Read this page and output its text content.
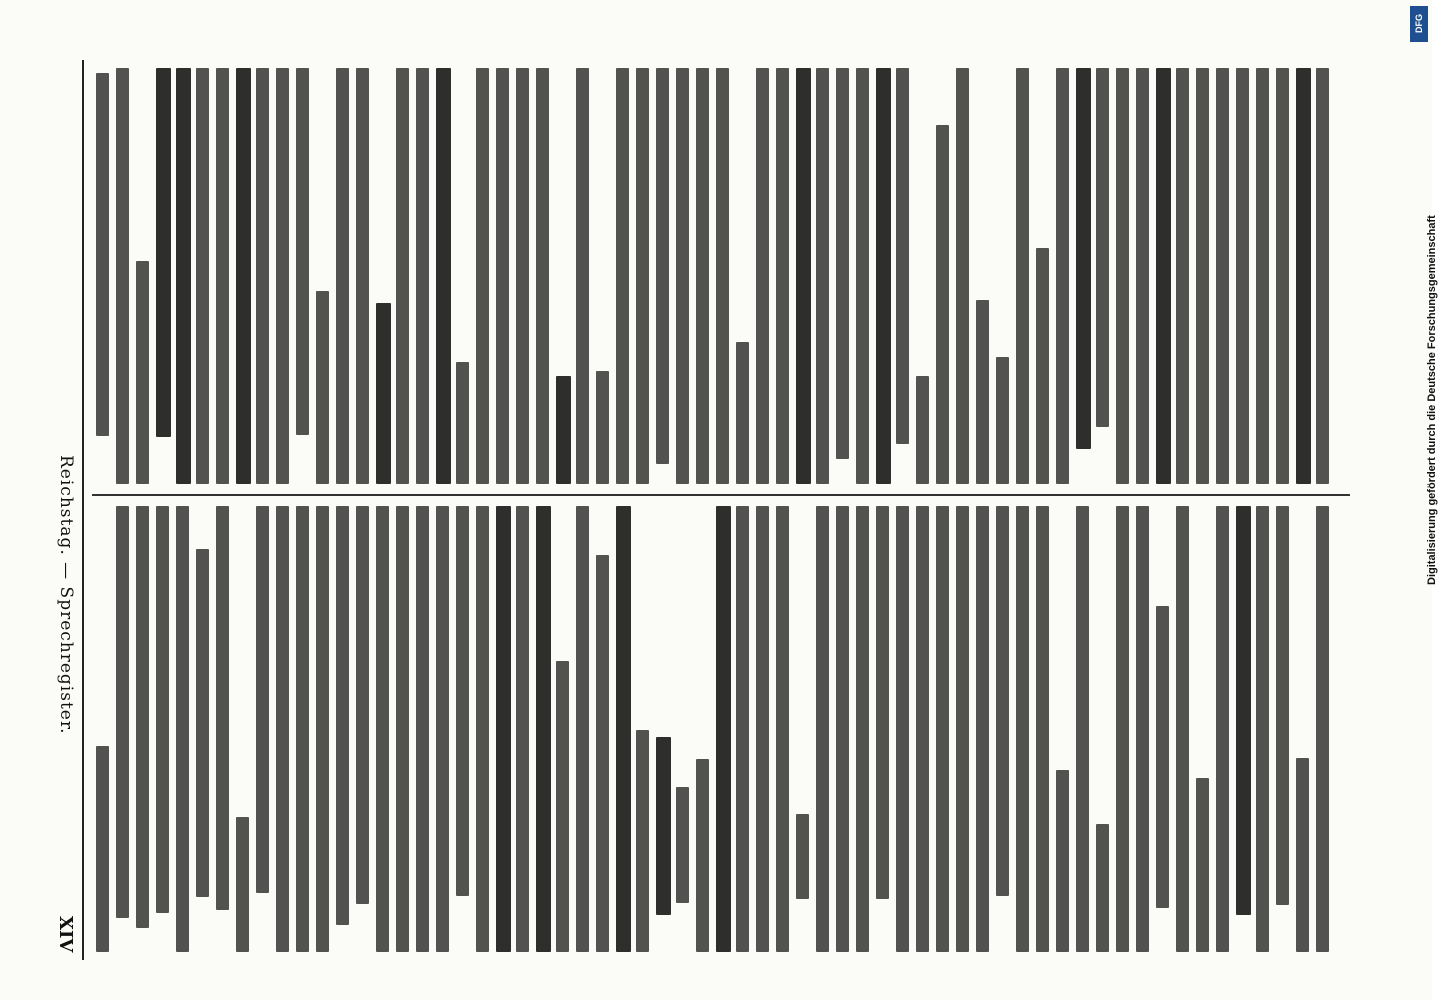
XIV
Reichstag. — Sprechregister.
Digitalisierung gefördert durch die Deutsche Forschungsgemeinschaft
DFG
